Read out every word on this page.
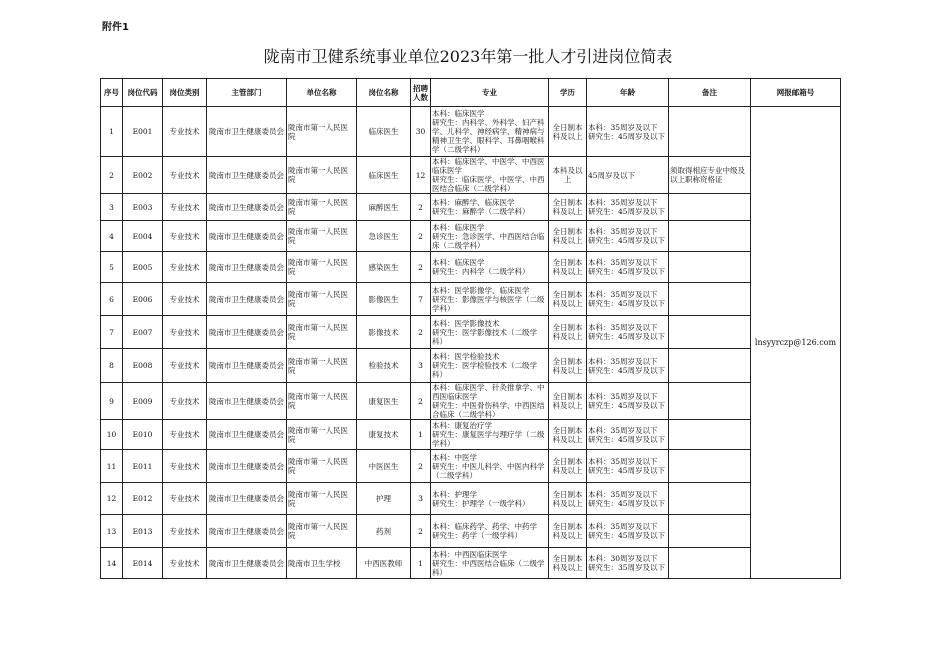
附件1
陇南市卫健系统事业单位2023年第一批人才引进岗位简表
序号	岗位代码	岗位类别	主管部门	单位名称	岗位名称	招聘人数	专业	学历	年龄	备注	网报邮箱号
1	E001	专业技术	陇南市卫生健康委员会	陇南市第一人民医院	临床医生	30	本科：临床医学
研究生：内科学、外科学、妇产科学、儿科学、神经病学、精神病与精神卫生学、眼科学、耳鼻咽喉科学（二级学科）	全日制本科及以上	本科：35周岁及以下
研究生：45周岁及以下		lnsyyrczp@126.com
2	E002	专业技术	陇南市卫生健康委员会	陇南市第一人民医院	临床医生	12	本科：临床医学、中医学、中西医临床医学
研究生：临床医学、中医学、中西医结合临床（二级学科）	本科及以上	45周岁及以下	须取得相应专业中级及以上职称资格证	
3	E003	专业技术	陇南市卫生健康委员会	陇南市第一人民医院	麻醉医生	2	本科：麻醉学、临床医学
研究生：麻醉学（二级学科）	全日制本科及以上	本科：35周岁及以下
研究生：45周岁及以下		
4	E004	专业技术	陇南市卫生健康委员会	陇南市第一人民医院	急诊医生	2	本科：临床医学
研究生：急诊医学、中西医结合临床（二级学科）	全日制本科及以上	本科：35周岁及以下
研究生：45周岁及以下		
5	E005	专业技术	陇南市卫生健康委员会	陇南市第一人民医院	感染医生	2	本科：临床医学
研究生：内科学（二级学科）	全日制本科及以上	本科：35周岁及以下
研究生：45周岁及以下		
6	E006	专业技术	陇南市卫生健康委员会	陇南市第一人民医院	影像医生	7	本科：医学影像学、临床医学
研究生：影像医学与核医学（二级学科）	全日制本科及以上	本科：35周岁及以下
研究生：45周岁及以下		
7	E007	专业技术	陇南市卫生健康委员会	陇南市第一人民医院	影像技术	2	本科：医学影像技术
研究生：医学影像技术（二级学科）	全日制本科及以上	本科：35周岁及以下
研究生：45周岁及以下		
8	E008	专业技术	陇南市卫生健康委员会	陇南市第一人民医院	检验技术	3	本科：医学检验技术
研究生：医学检验技术（二级学科）	全日制本科及以上	本科：35周岁及以下
研究生：45周岁及以下		
9	E009	专业技术	陇南市卫生健康委员会	陇南市第一人民医院	康复医生	2	本科：临床医学、针灸推拿学、中西医临床医学
研究生：中医骨伤科学、中西医结合临床（二级学科）	全日制本科及以上	本科：35周岁及以下
研究生：45周岁及以下		
10	E010	专业技术	陇南市卫生健康委员会	陇南市第一人民医院	康复技术	1	本科：康复治疗学
研究生：康复医学与理疗学（二级学科）	全日制本科及以上	本科：35周岁及以下
研究生：45周岁及以下		
11	E011	专业技术	陇南市卫生健康委员会	陇南市第一人民医院	中医医生	2	本科：中医学
研究生：中医儿科学、中医内科学（二级学科）	全日制本科及以上	本科：35周岁及以下
研究生：45周岁及以下		
12	E012	专业技术	陇南市卫生健康委员会	陇南市第一人民医院	护理	3	本科：护理学
研究生：护理学（一级学科）	全日制本科及以上	本科：35周岁及以下
研究生：45周岁及以下		
13	E013	专业技术	陇南市卫生健康委员会	陇南市第一人民医院	药剂	2	本科：临床药学、药学、中药学
研究生：药学（一级学科）	全日制本科及以上	本科：35周岁及以下
研究生：45周岁及以下		
14	E014	专业技术	陇南市卫生健康委员会	陇南市卫生学校	中西医教师	1	本科：中西医临床医学
研究生：中西医结合临床（二级学科）	全日制本科及以上	本科：30周岁及以下
研究生：35周岁及以下		
